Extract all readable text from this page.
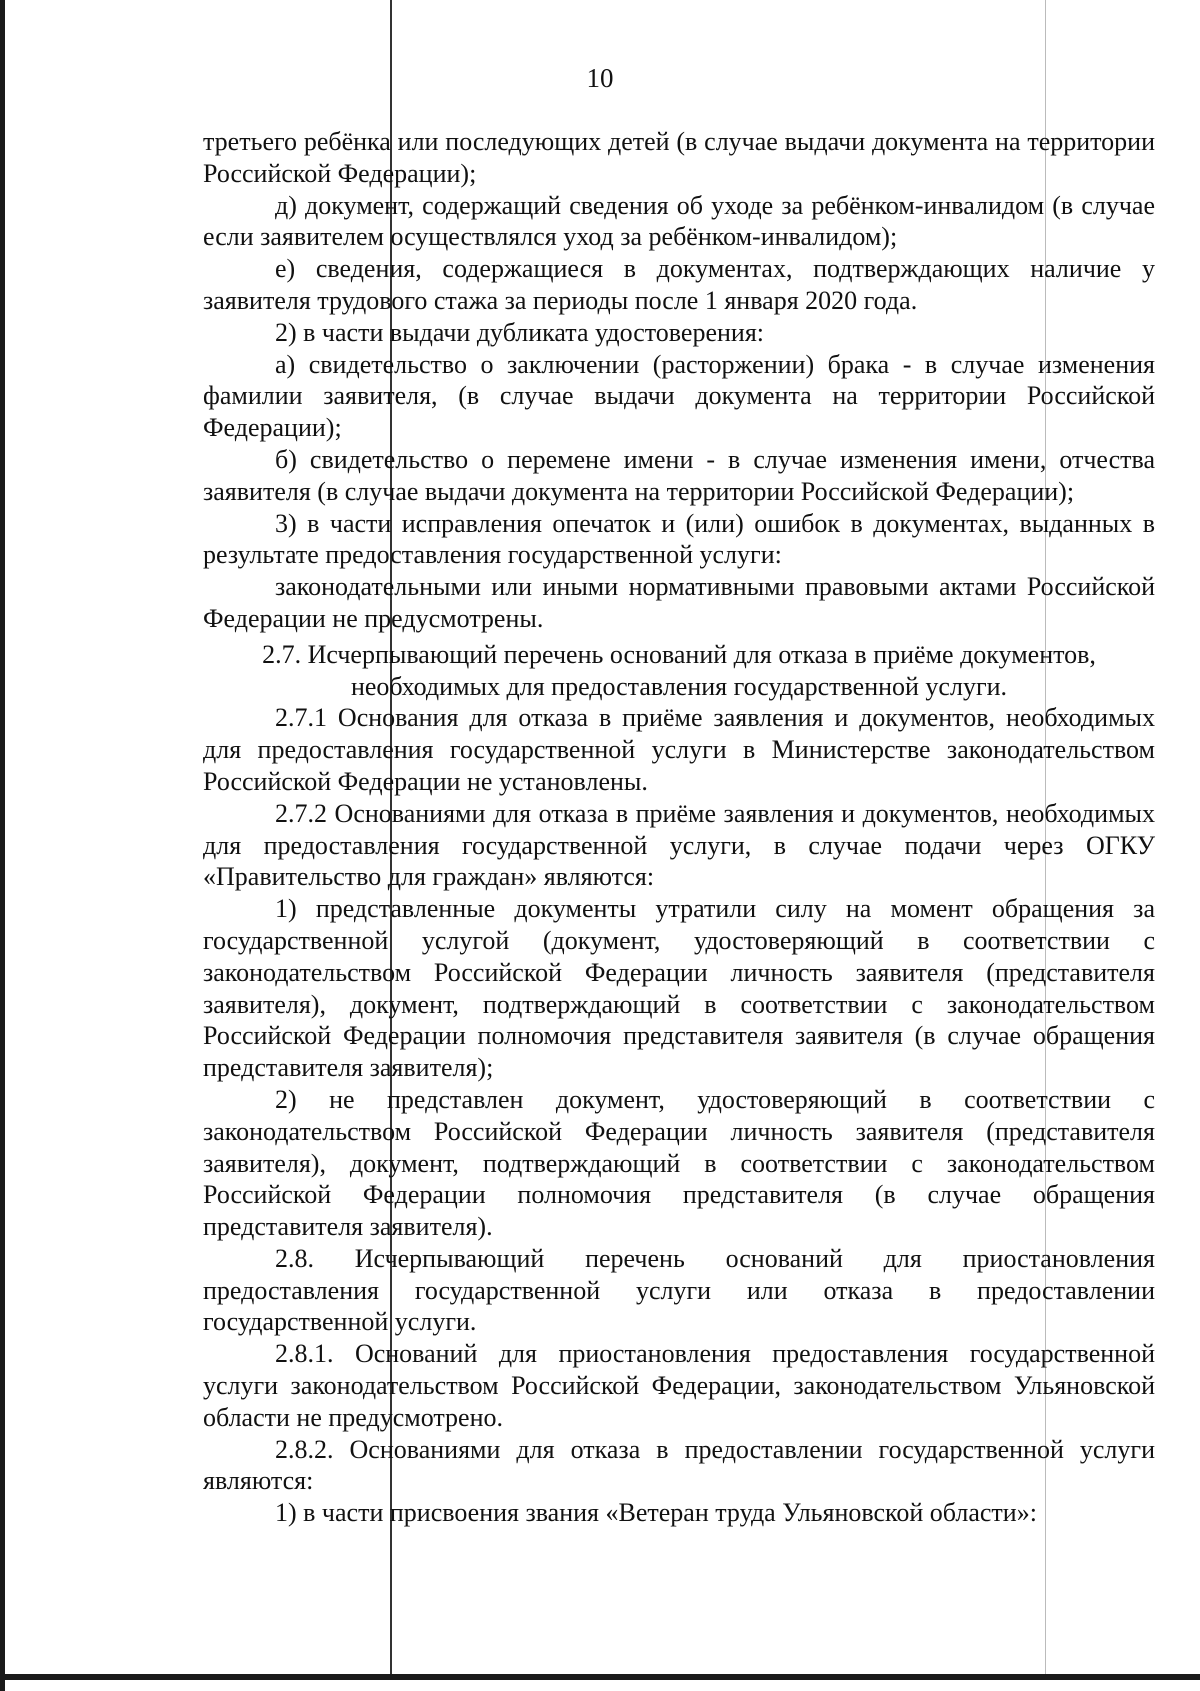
10

третьего ребёнка или последующих детей (в случае выдачи документа на территории Российской Федерации);

д) документ, содержащий сведения об уходе за ребёнком-инвалидом (в случае если заявителем осуществлялся уход за ребёнком-инвалидом);

е) сведения, содержащиеся в документах, подтверждающих наличие у заявителя трудового стажа за периоды после 1 января 2020 года.

2) в части выдачи дубликата удостоверения:

а) свидетельство о заключении (расторжении) брака - в случае изменения фамилии заявителя, (в случае выдачи документа на территории Российской Федерации);

б) свидетельство о перемене имени - в случае изменения имени, отчества заявителя (в случае выдачи документа на территории Российской Федерации);

3) в части исправления опечаток и (или) ошибок в документах, выданных в результате предоставления государственной услуги:

законодательными или иными нормативными правовыми актами Российской Федерации не предусмотрены.

2.7. Исчерпывающий перечень оснований для отказа в приёме документов, необходимых для предоставления государственной услуги.

2.7.1 Основания для отказа в приёме заявления и документов, необходимых для предоставления государственной услуги в Министерстве законодательством Российской Федерации не установлены.

2.7.2 Основаниями для отказа в приёме заявления и документов, необходимых для предоставления государственной услуги, в случае подачи через ОГКУ «Правительство для граждан» являются:

1) представленные документы утратили силу на момент обращения за государственной услугой (документ, удостоверяющий в соответствии с законодательством Российской Федерации личность заявителя (представителя заявителя), документ, подтверждающий в соответствии с законодательством Российской Федерации полномочия представителя заявителя (в случае обращения представителя заявителя);

2) не представлен документ, удостоверяющий в соответствии с законодательством Российской Федерации личность заявителя (представителя заявителя), документ, подтверждающий в соответствии с законодательством Российской Федерации полномочия представителя (в случае обращения представителя заявителя).

2.8. Исчерпывающий перечень оснований для приостановления предоставления государственной услуги или отказа в предоставлении государственной услуги.

2.8.1. Оснований для приостановления предоставления государственной услуги законодательством Российской Федерации, законодательством Ульяновской области не предусмотрено.

2.8.2. Основаниями для отказа в предоставлении государственной услуги являются:

1) в части присвоения звания «Ветеран труда Ульяновской области»:
